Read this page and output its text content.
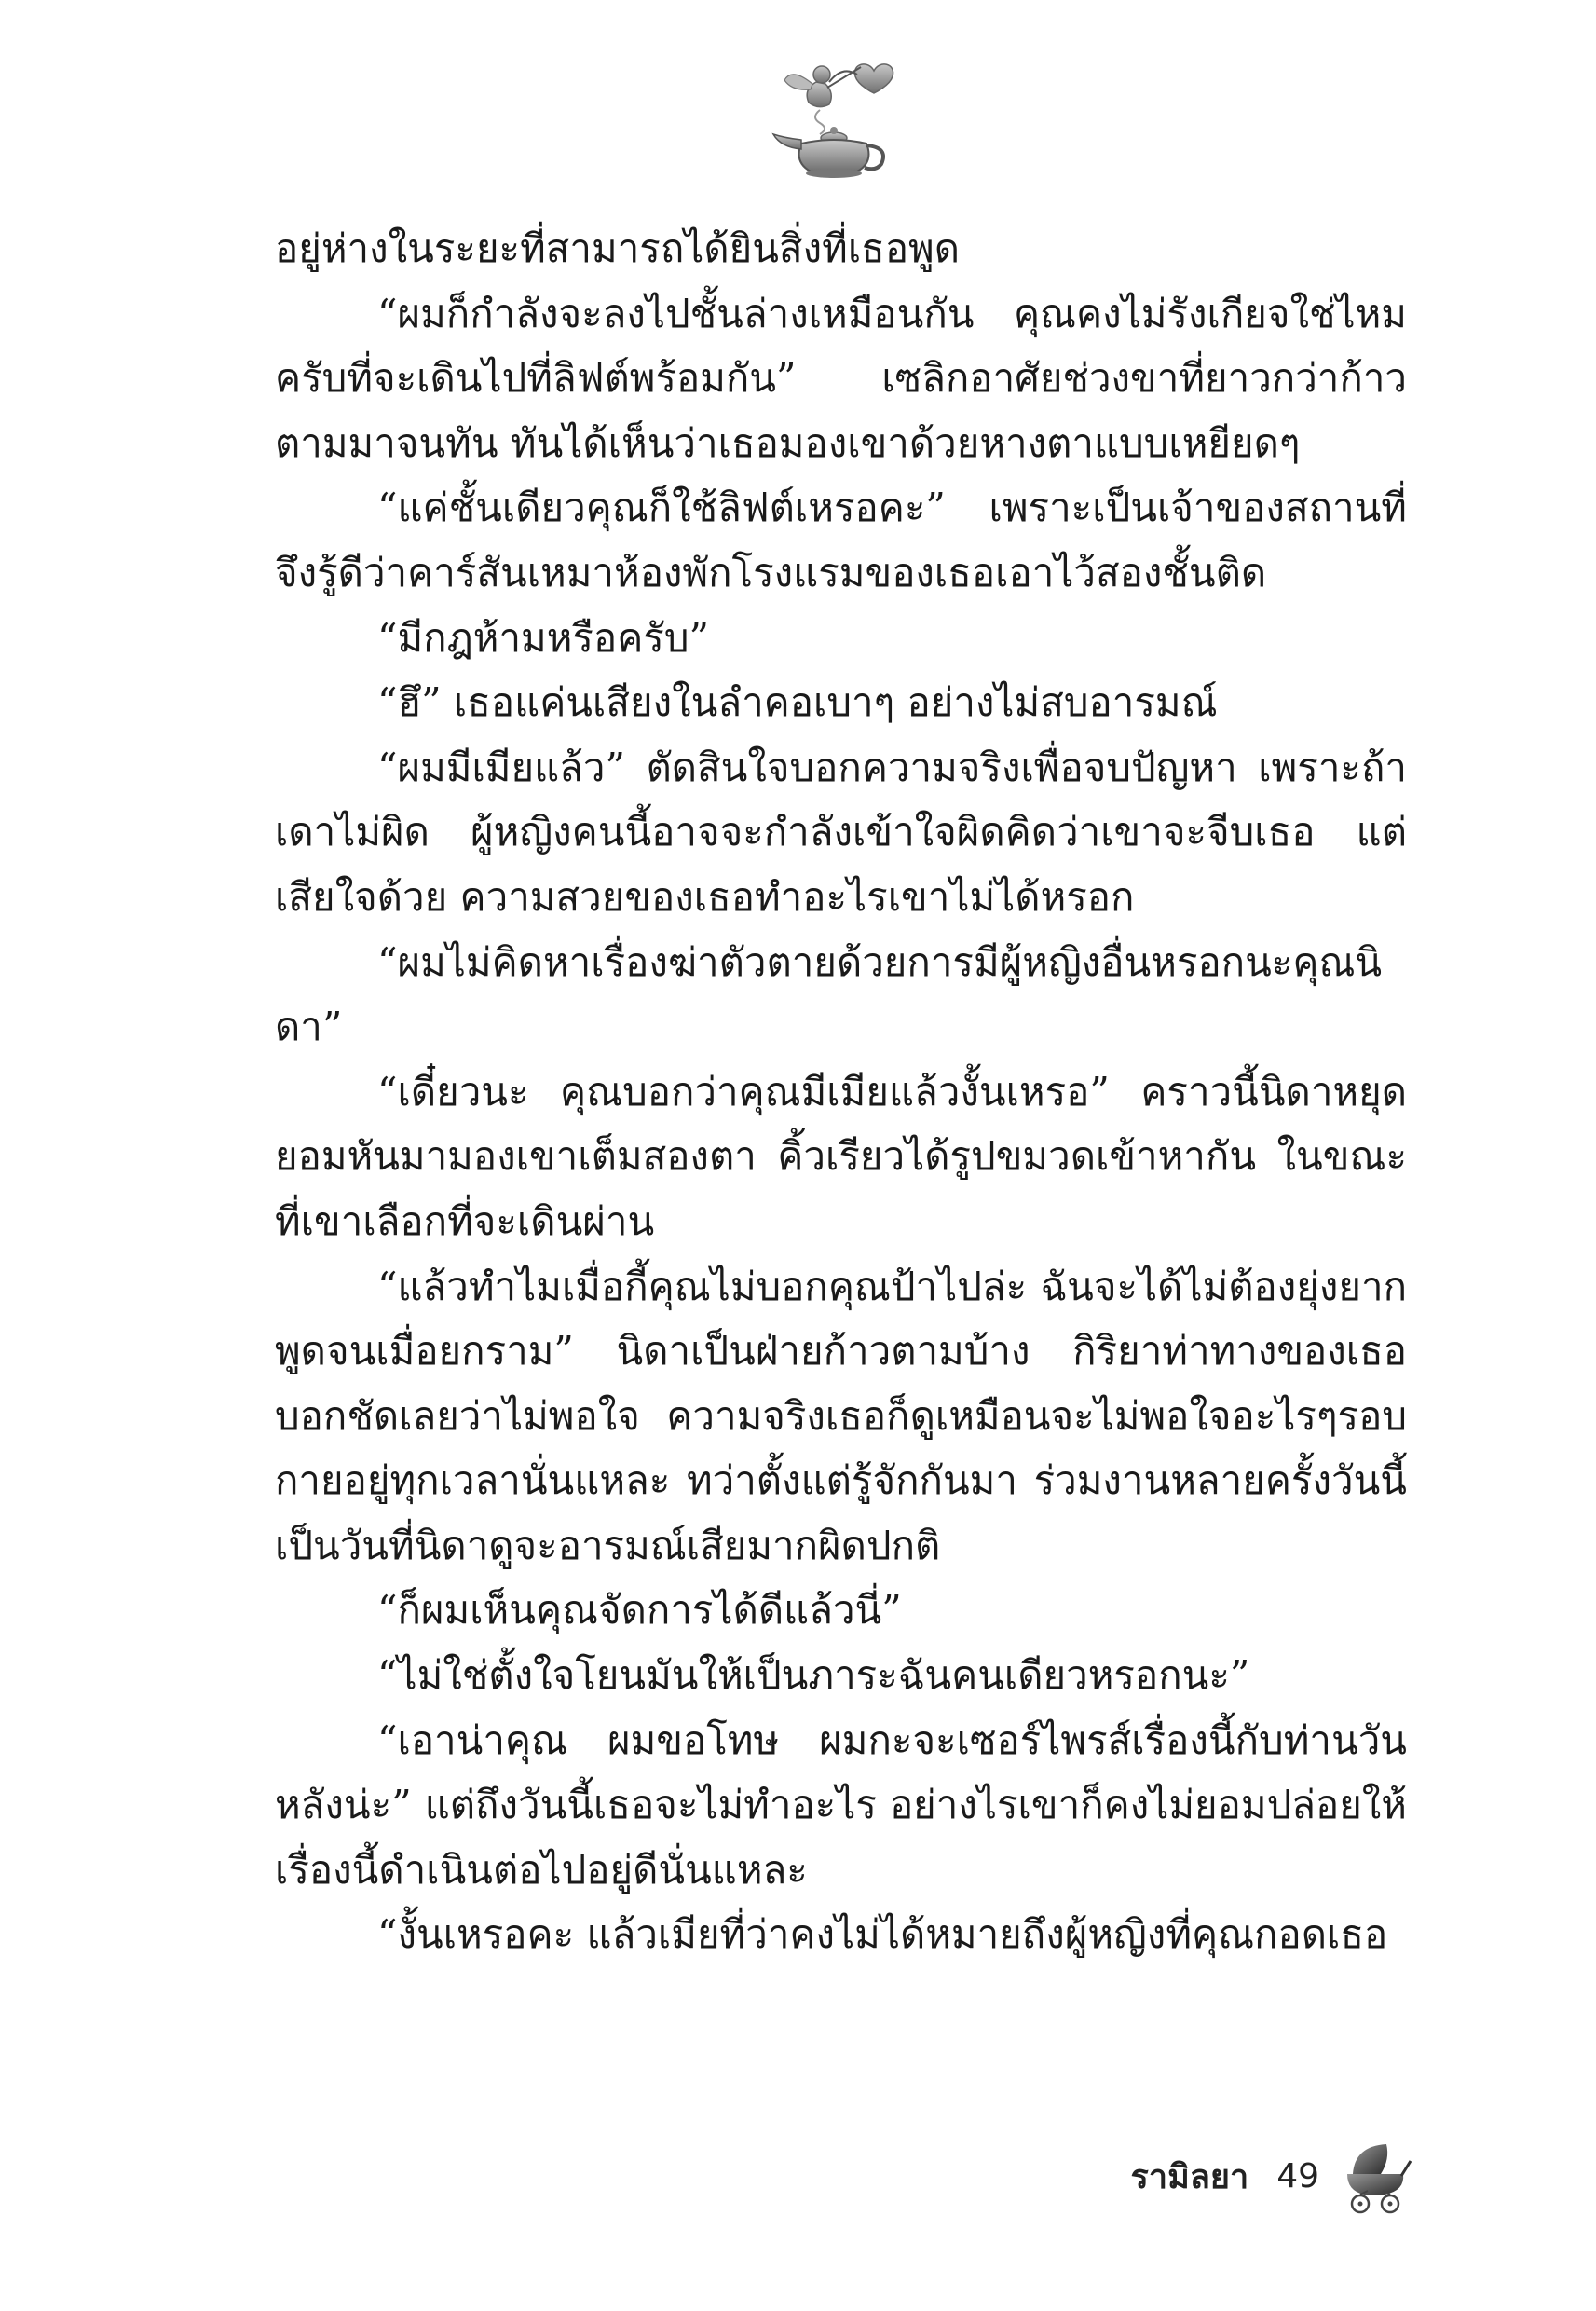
อยู่ห่างในระยะที่สามารถได้ยินสิ่งที่เธอพูด

“ผมก็กำลังจะลงไปชั้นล่างเหมือนกัน คุณคงไม่รังเกียจใช่ไหมครับที่จะเดินไปที่ลิฟต์พร้อมกัน” เซลิกอาศัยช่วงขาที่ยาวกว่าก้าวตามมาจนทัน ทันได้เห็นว่าเธอมองเขาด้วยหางตาแบบเหยียดๆ

“แค่ชั้นเดียวคุณก็ใช้ลิฟต์เหรอคะ” เพราะเป็นเจ้าของสถานที่จึงรู้ดีว่าคาร์สันเหมาห้องพักโรงแรมของเธอเอาไว้สองชั้นติด

“มีกฎห้ามหรือครับ”

“ฮึ” เธอแค่นเสียงในลำคอเบาๆ อย่างไม่สบอารมณ์

“ผมมีเมียแล้ว” ตัดสินใจบอกความจริงเพื่อจบปัญหา เพราะถ้าเดาไม่ผิด ผู้หญิงคนนี้อาจจะกำลังเข้าใจผิดคิดว่าเขาจะจีบเธอ แต่เสียใจด้วย ความสวยของเธอทำอะไรเขาไม่ได้หรอก

“ผมไม่คิดหาเรื่องฆ่าตัวตายด้วยการมีผู้หญิงอื่นหรอกนะคุณนิดา”

“เดี๋ยวนะ คุณบอกว่าคุณมีเมียแล้วงั้นเหรอ” คราวนี้นิดาหยุดยอมหันมามองเขาเต็มสองตา คิ้วเรียวได้รูปขมวดเข้าหากัน ในขณะที่เขาเลือกที่จะเดินผ่าน

“แล้วทำไมเมื่อกี้คุณไม่บอกคุณป้าไปล่ะ ฉันจะได้ไม่ต้องยุ่งยากพูดจนเมื่อยกราม” นิดาเป็นฝ่ายก้าวตามบ้าง กิริยาท่าทางของเธอบอกชัดเลยว่าไม่พอใจ ความจริงเธอก็ดูเหมือนจะไม่พอใจอะไรๆรอบกายอยู่ทุกเวลานั่นแหละ ทว่าตั้งแต่รู้จักกันมา ร่วมงานหลายครั้งวันนี้เป็นวันที่นิดาดูจะอารมณ์เสียมากผิดปกติ

“ก็ผมเห็นคุณจัดการได้ดีแล้วนี่”

“ไม่ใช่ตั้งใจโยนมันให้เป็นภาระฉันคนเดียวหรอกนะ”

“เอาน่าคุณ ผมขอโทษ ผมกะจะเซอร์ไพรส์เรื่องนี้กับท่านวันหลังน่ะ” แต่ถึงวันนี้เธอจะไม่ทำอะไร อย่างไรเขาก็คงไม่ยอมปล่อยให้เรื่องนี้ดำเนินต่อไปอยู่ดีนั่นแหละ

“งั้นเหรอคะ แล้วเมียที่ว่าคงไม่ได้หมายถึงผู้หญิงที่คุณกอดเธอ

รามิลยา 49
